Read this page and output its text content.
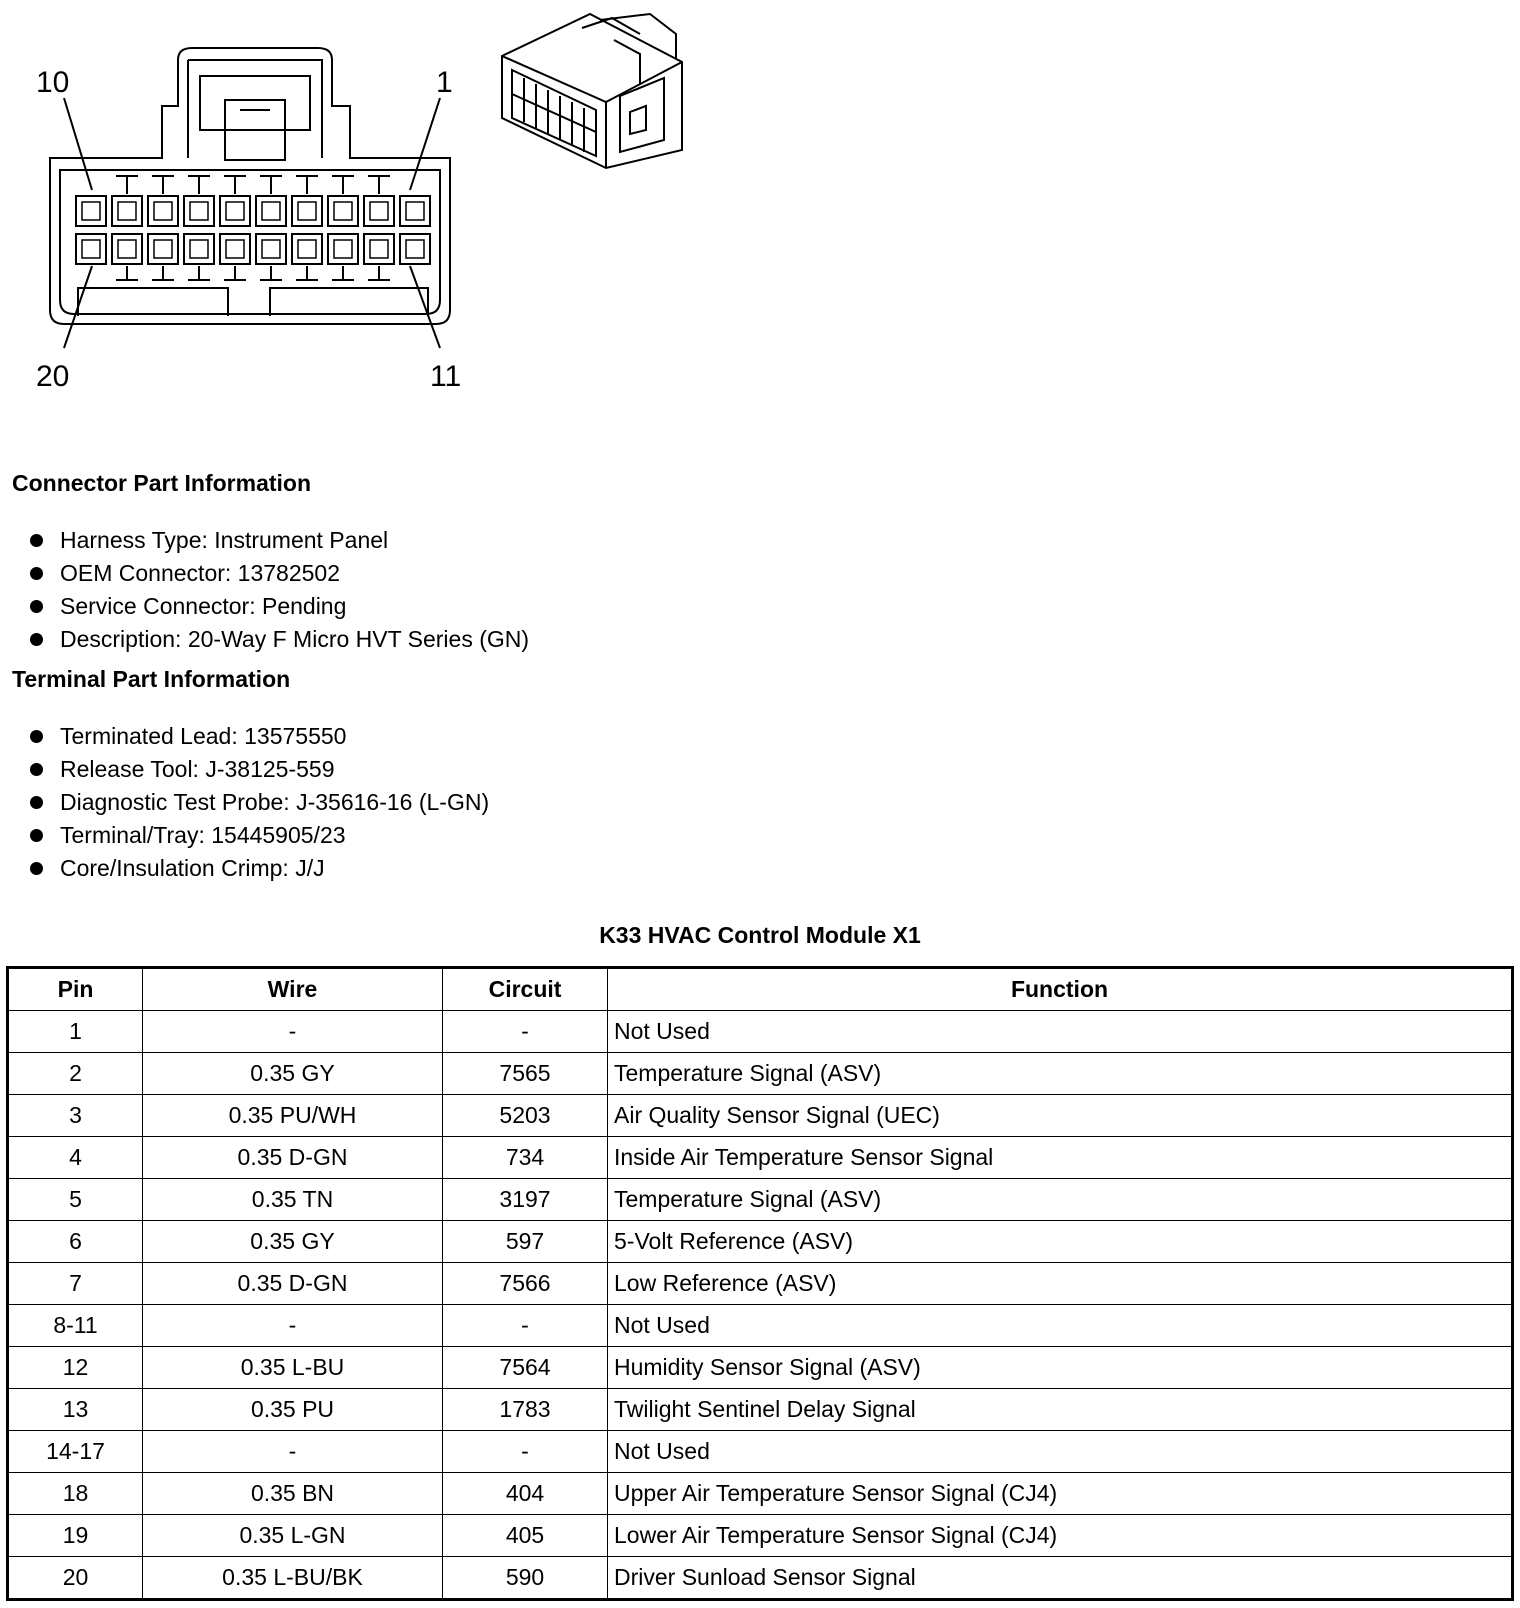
10	1
20	11
Connector Part Information
Harness Type: Instrument Panel
OEM Connector: 13782502
Service Connector: Pending
Description: 20-Way F Micro HVT Series (GN)
Terminal Part Information
Terminated Lead: 13575550
Release Tool: J-38125-559
Diagnostic Test Probe: J-35616-16 (L-GN)
Terminal/Tray: 15445905/23
Core/Insulation Crimp: J/J
K33 HVAC Control Module X1
Pin	Wire	Circuit	Function
1	-	-	Not Used
2	0.35 GY	7565	Temperature Signal (ASV)
3	0.35 PU/WH	5203	Air Quality Sensor Signal (UEC)
4	0.35 D-GN	734	Inside Air Temperature Sensor Signal
5	0.35 TN	3197	Temperature Signal (ASV)
6	0.35 GY	597	5-Volt Reference (ASV)
7	0.35 D-GN	7566	Low Reference (ASV)
8-11	-	-	Not Used
12	0.35 L-BU	7564	Humidity Sensor Signal (ASV)
13	0.35 PU	1783	Twilight Sentinel Delay Signal
14-17	-	-	Not Used
18	0.35 BN	404	Upper Air Temperature Sensor Signal (CJ4)
19	0.35 L-GN	405	Lower Air Temperature Sensor Signal (CJ4)
20	0.35 L-BU/BK	590	Driver Sunload Sensor Signal
